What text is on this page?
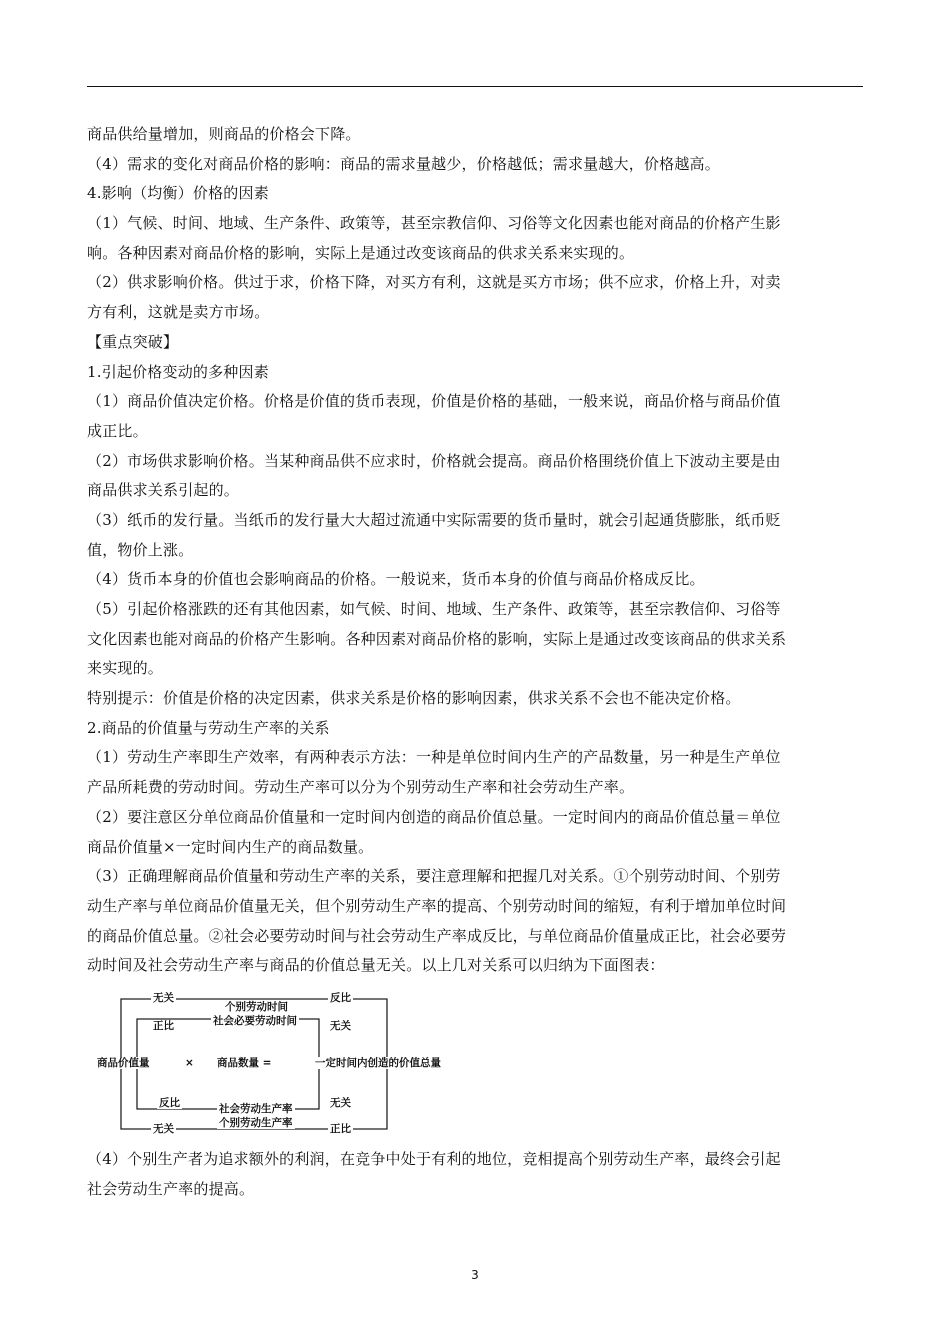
商品供给量增加，则商品的价格会下降。
（4）需求的变化对商品价格的影响：商品的需求量越少，价格越低；需求量越大，价格越高。
4.影响（均衡）价格的因素
（1）气候、时间、地域、生产条件、政策等，甚至宗教信仰、习俗等文化因素也能对商品的价格产生影
响。各种因素对商品价格的影响，实际上是通过改变该商品的供求关系来实现的。
（2）供求影响价格。供过于求，价格下降，对买方有利，这就是买方市场；供不应求，价格上升，对卖
方有利，这就是卖方市场。
【重点突破】
1.引起价格变动的多种因素
（1）商品价值决定价格。价格是价值的货币表现，价值是价格的基础，一般来说，商品价格与商品价值
成正比。
（2）市场供求影响价格。当某种商品供不应求时，价格就会提高。商品价格围绕价值上下波动主要是由
商品供求关系引起的。
（3）纸币的发行量。当纸币的发行量大大超过流通中实际需要的货币量时，就会引起通货膨胀，纸币贬
值，物价上涨。
（4）货币本身的价值也会影响商品的价格。一般说来，货币本身的价值与商品价格成反比。
（5）引起价格涨跌的还有其他因素，如气候、时间、地域、生产条件、政策等，甚至宗教信仰、习俗等
文化因素也能对商品的价格产生影响。各种因素对商品价格的影响，实际上是通过改变该商品的供求关系
来实现的。
特别提示：价值是价格的决定因素，供求关系是价格的影响因素，供求关系不会也不能决定价格。
2.商品的价值量与劳动生产率的关系
（1）劳动生产率即生产效率，有两种表示方法：一种是单位时间内生产的产品数量，另一种是生产单位
产品所耗费的劳动时间。劳动生产率可以分为个别劳动生产率和社会劳动生产率。
（2）要注意区分单位商品价值量和一定时间内创造的商品价值总量。一定时间内的商品价值总量＝单位
商品价值量×一定时间内生产的商品数量。
（3）正确理解商品价值量和劳动生产率的关系，要注意理解和把握几对关系。①个别劳动时间、个别劳
动生产率与单位商品价值量无关，但个别劳动生产率的提高、个别劳动时间的缩短，有利于增加单位时间
的商品价值总量。②社会必要劳动时间与社会劳动生产率成反比，与单位商品价值量成正比，社会必要劳
动时间及社会劳动生产率与商品的价值总量无关。以上几对关系可以归纳为下面图表：
无关	反比
个别劳动时间
社会必要劳动时间
正比	无关
商品价值量	× 商品数量 =	一定时间内创造的价值总量
反比	无关
社会劳动生产率
个别劳动生产率
无关	正比
（4）个别生产者为追求额外的利润，在竞争中处于有利的地位，竞相提高个别劳动生产率，最终会引起
社会劳动生产率的提高。
3
